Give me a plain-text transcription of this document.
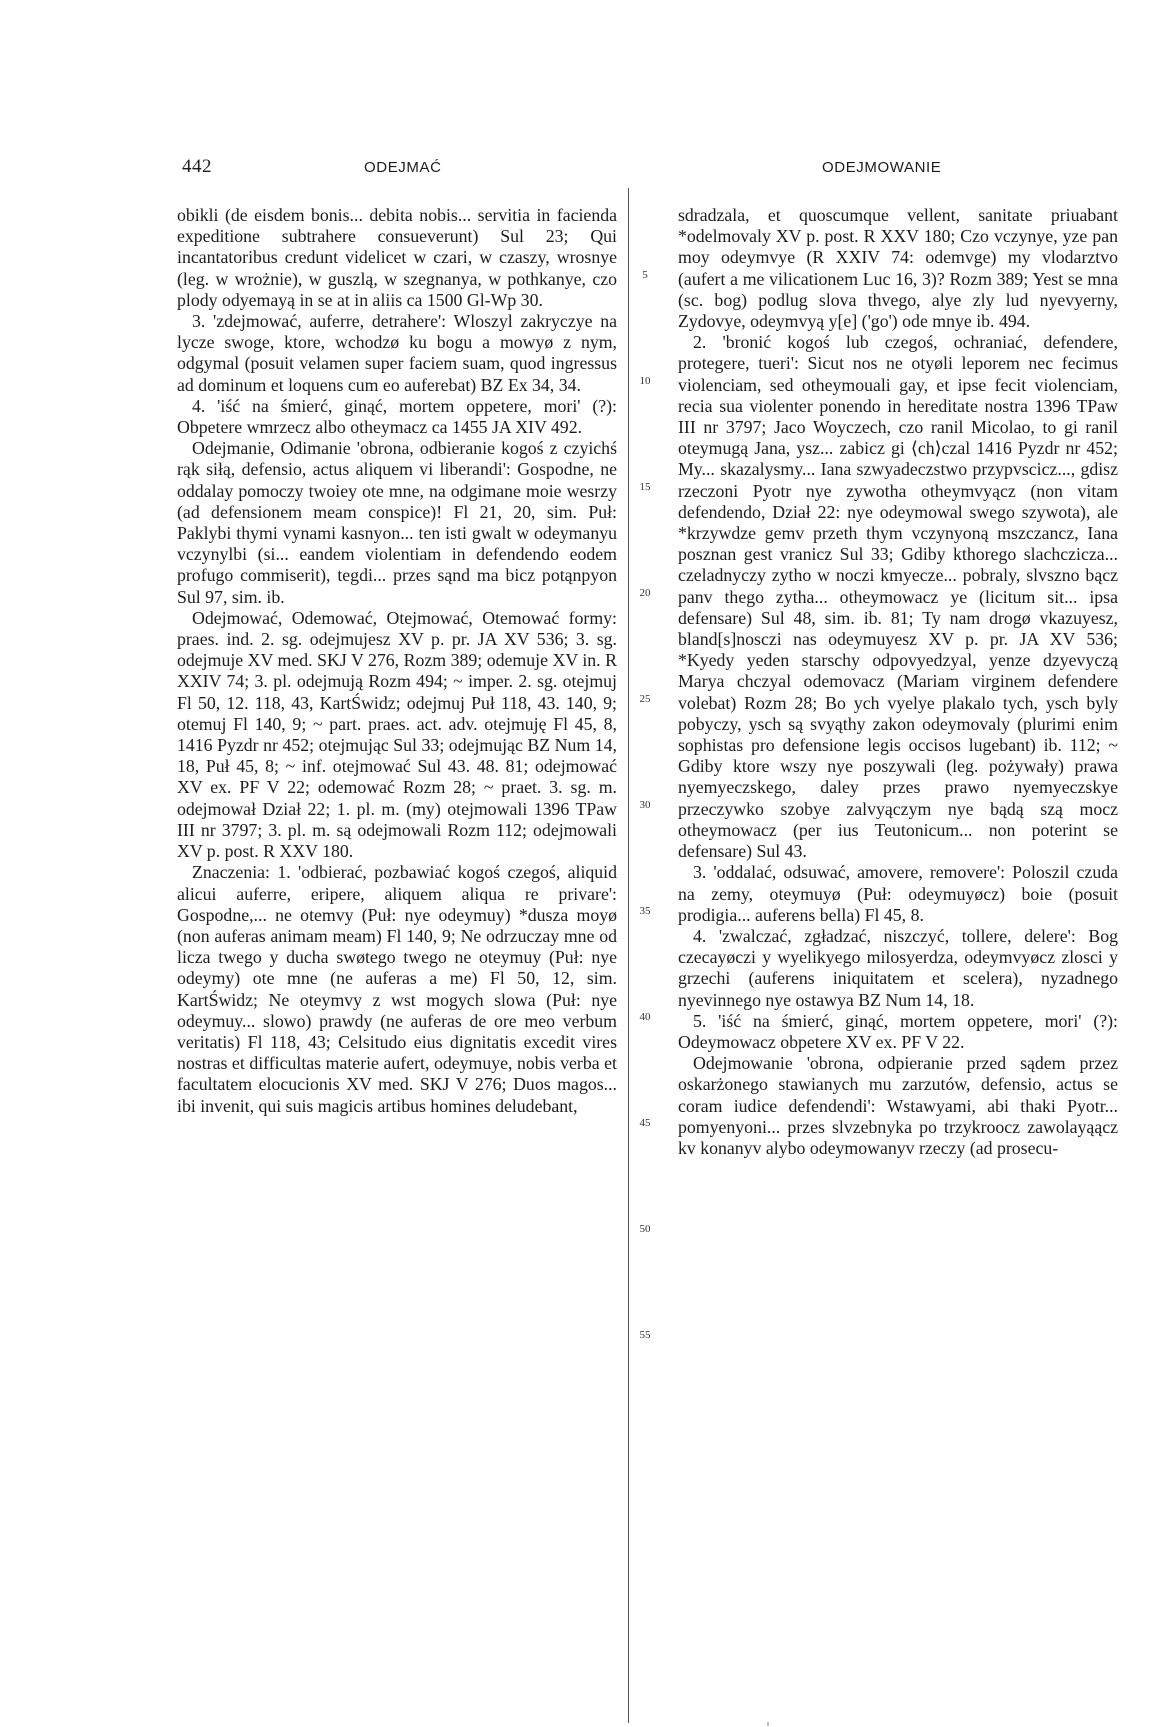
442	ODEJMAĆ	ODEJMOWANIE

obikli (de eisdem bonis... debita nobis... servitia in facienda expeditione subtrahere consueverunt) Sul 23; Qui incantatoribus credunt videlicet w czari, w czaszy, wrosnye (leg. w wrożnie), w guszlą, w szegnanya, w pothkanye, czo plody odyemayą in se at in aliis ca 1500 Gl-Wp 30.

3. 'zdejmować, auferre, detrahere': Wloszyl zakryczye na lycze swoge, ktore, wchodzø ku bogu a mowyø z nym, odgymal (posuit velamen super faciem suam, quod ingressus ad dominum et loquens cum eo auferebat) BZ Ex 34, 34.

4. 'iść na śmierć, ginąć, mortem oppetere, mori' (?): Obpetere wmrzecz albo otheymacz ca 1455 JA XIV 492.

Odejmanie, Odimanie 'obrona, odbieranie kogoś z czyichś rąk siłą, defensio, actus aliquem vi liberandi': Gospodne, ne oddalay pomoczy twoiey ote mne, na odgimane moie wesrzy (ad defensionem meam conspice)! Fl 21, 20, sim. Puł: Paklybi thymi vynami kasnyon... ten isti gwalt w odeymanyu vczynylbi (si... eandem violentiam in defendendo eodem profugo commiserit), tegdi... przes sąnd ma bicz potąnpyon Sul 97, sim. ib.

Odejmować, Odemować, Otejmować, Otemować formy: praes. ind. 2. sg. odejmujesz XV p. pr. JA XV 536; 3. sg. odejmuje XV med. SKJ V 276, Rozm 389; odemuje XV in. R XXIV 74; 3. pl. odejmują Rozm 494; ~ imper. 2. sg. otejmuj Fl 50, 12. 118, 43, KartŚwidz; odejmuj Puł 118, 43. 140, 9; otemuj Fl 140, 9; ~ part. praes. act. adv. otejmuję Fl 45, 8, 1416 Pyzdr nr 452; otejmując Sul 33; odejmując BZ Num 14, 18, Puł 45, 8; ~ inf. otejmować Sul 43. 48. 81; odejmować XV ex. PF V 22; odemować Rozm 28; ~ praet. 3. sg. m. odejmował Dział 22; 1. pl. m. (my) otejmowali 1396 TPaw III nr 3797; 3. pl. m. są odejmowali Rozm 112; odejmowali XV p. post. R XXV 180.

Znaczenia: 1. 'odbierać, pozbawiać kogoś czegoś, aliquid alicui auferre, eripere, aliquem aliqua re privare': Gospodne,... ne otemvy (Puł: nye odeymuy) *dusza moyø (non auferas animam meam) Fl 140, 9; Ne odrzuczay mne od licza twego y ducha swøtego twego ne oteymuy (Puł: nye odeymy) ote mne (ne auferas a me) Fl 50, 12, sim. KartŚwidz; Ne oteymvy z wst mogych slowa (Puł: nye odeymuy... slowo) prawdy (ne auferas de ore meo verbum veritatis) Fl 118, 43; Celsitudo eius dignitatis excedit vires nostras et difficultas materie aufert, odeymuye, nobis verba et facultatem elocucionis XV med. SKJ V 276; Duos magos... ibi invenit, qui suis magicis artibus homines deludebant,

5
10
15
20
25
30
35
40
45
50
55

sdradzala, et quoscumque vellent, sanitate priuabant *odelmovaly XV p. post. R XXV 180; Czo vczynye, yze pan moy odeymvye (R XXIV 74: odemvge) my vlodarztvo (aufert a me vilicationem Luc 16, 3)? Rozm 389; Yest se mna (sc. bog) podlug slova thvego, alye zly lud nyevyerny, Zydovye, odeymvyą y[e] ('go') ode mnye ib. 494.

2. 'bronić kogoś lub czegoś, ochraniać, defendere, protegere, tueri': Sicut nos ne otyøli leporem nec fecimus violenciam, sed otheymouali gay, et ipse fecit violenciam, recia sua violenter ponendo in hereditate nostra 1396 TPaw III nr 3797; Jaco Woyczech, czo ranil Micolao, to gi ranil oteymugą Jana, ysz... zabicz gi ⟨ch⟩czal 1416 Pyzdr nr 452; My... skazalysmy... Iana szwyadeczstwo przypvscicz..., gdisz rzeczoni Pyotr nye zywotha otheymvyącz (non vitam defendendo, Dział 22: nye odeymowal swego szywota), ale *krzywdze gemv przeth thym vczynyoną mszczancz, Iana posznan gest vranicz Sul 33; Gdiby kthorego slachczicza... czeladnyczy zytho w noczi kmyecze... pobraly, slvszno bącz panv thego zytha... otheymowacz ye (licitum sit... ipsa defensare) Sul 48, sim. ib. 81; Ty nam drogø vkazuyesz, bland[s]nosczi nas odeymuyesz XV p. pr. JA XV 536; *Kyedy yeden starschy odpovyedzyal, yenze dzyevyczą Marya chczyal odemovacz (Mariam virginem defendere volebat) Rozm 28; Bo ych vyelye plakalo tych, ysch byly pobyczy, ysch są svyąthy zakon odeymovaly (plurimi enim sophistas pro defensione legis occisos lugebant) ib. 112; ~ Gdiby ktore wszy nye poszywali (leg. pożywały) prawa nyemyeczskego, daley przes prawo nyemyeczskye przeczywko szobye zalvyączym nye bądą szą mocz otheymowacz (per ius Teutonicum... non poterint se defensare) Sul 43.

3. 'oddalać, odsuwać, amovere, removere': Poloszil czuda na zemy, oteymuyø (Puł: odeymuyøcz) boie (posuit prodigia... auferens bella) Fl 45, 8.

4. 'zwalczać, zgładzać, niszczyć, tollere, delere': Bog czecayøczi y wyelikyego milosyerdza, odeymvyøcz zlosci y grzechi (auferens iniquitatem et scelera), nyzadnego nyevinnego nye ostawya BZ Num 14, 18.

5. 'iść na śmierć, ginąć, mortem oppetere, mori' (?): Odeymowacz obpetere XV ex. PF V 22.

Odejmowanie 'obrona, odpieranie przed sądem przez oskarżonego stawianych mu zarzutów, defensio, actus se coram iudice defendendi': Wstawyami, abi thaki Pyotr... pomyenyoni... przes slvzebnyka po trzykroocz zawolayąącz kv konanyv alybo odeymowanyv rzeczy (ad prosecu-
